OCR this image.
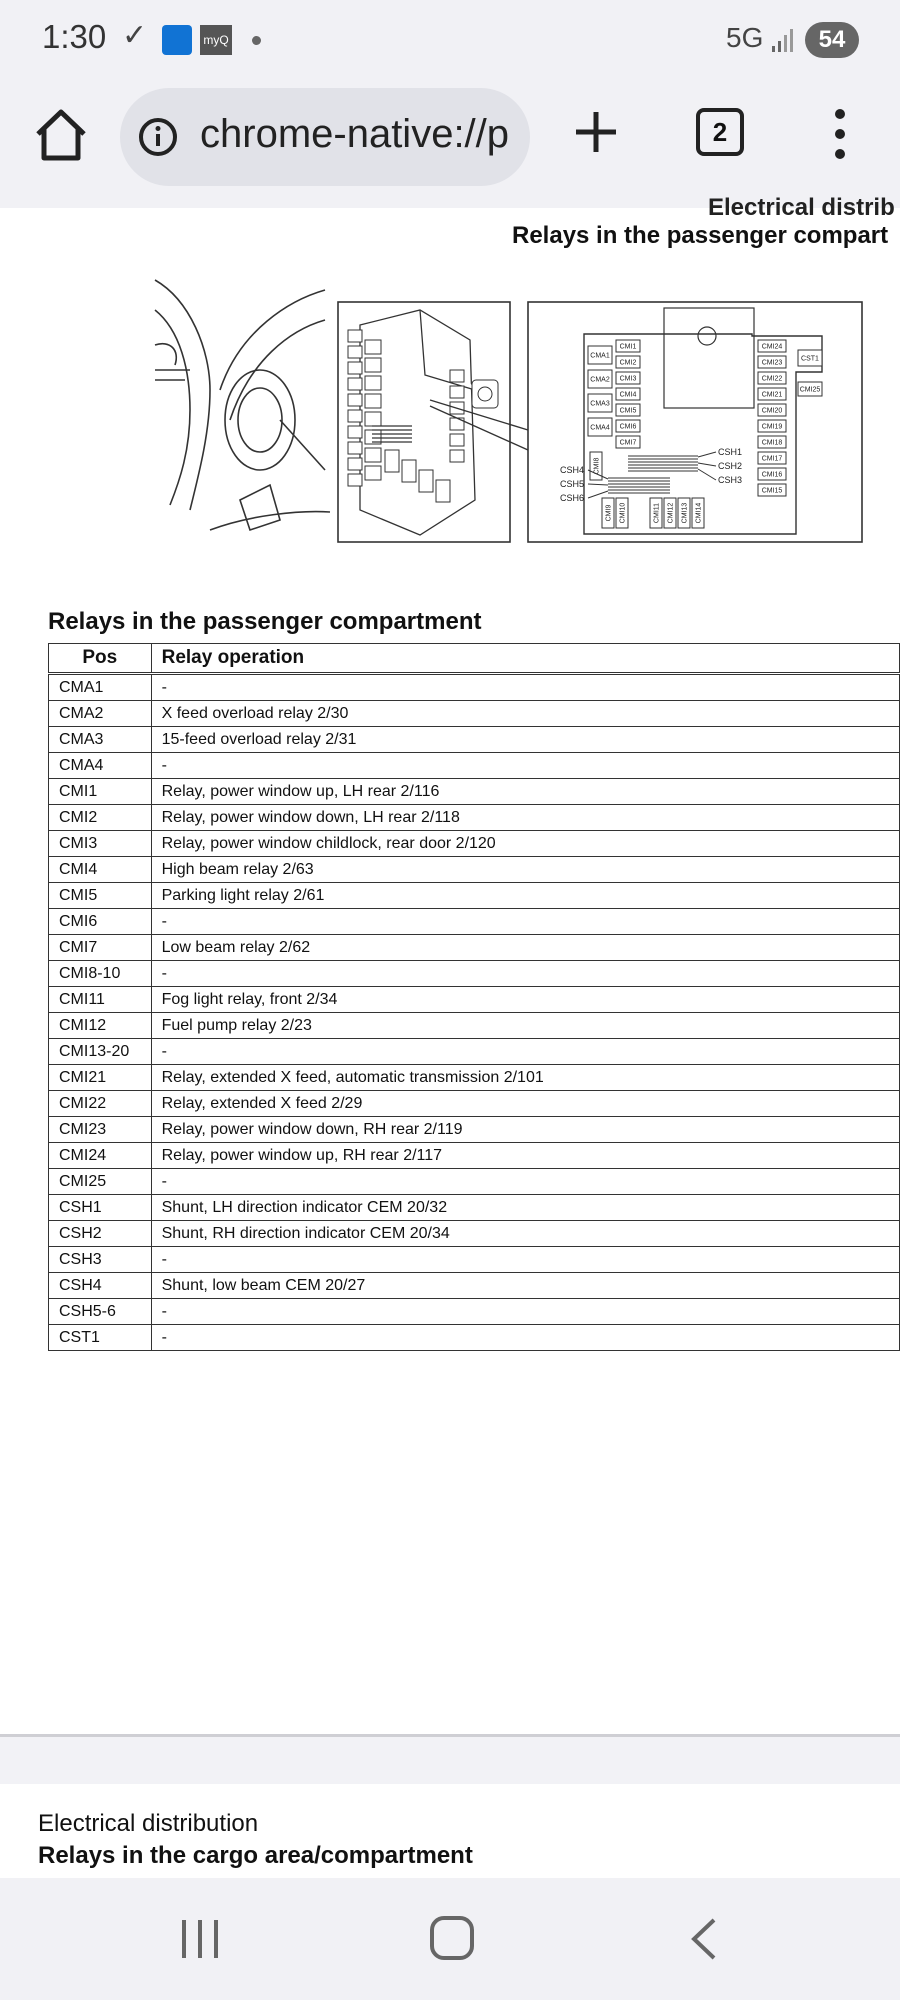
1:30 ✓	myQ	5G	54
chrome-native://p	2
Electrical distrib
Relays in the passenger compart
CMA1
CMA2
CMA3
CMA4
CMI1
CMI2
CMI3
CMI4
CMI5
CMI6
CMI7
CMI24
CMI23
CMI22
CMI21
CMI20
CMI19
CMI18
CMI17
CMI16
CMI15
CMI9 CMI10	CMI11 CMI12 CMI13 CMI14
CST1
CMI25
CMI8
CSH1
CSH2
CSH3
CSH4
CSH5
CSH6
Relays in the passenger compartment
Pos	Relay operation
CMA1	-
CMA2	X feed overload relay 2/30
CMA3	15-feed overload relay 2/31
CMA4	-
CMI1	Relay, power window up, LH rear 2/116
CMI2	Relay, power window down, LH rear 2/118
CMI3	Relay, power window childlock, rear door 2/120
CMI4	High beam relay 2/63
CMI5	Parking light relay 2/61
CMI6	-
CMI7	Low beam relay 2/62
CMI8-10	-
CMI11	Fog light relay, front 2/34
CMI12	Fuel pump relay 2/23
CMI13-20	-
CMI21	Relay, extended X feed, automatic transmission 2/101
CMI22	Relay, extended X feed 2/29
CMI23	Relay, power window down, RH rear 2/119
CMI24	Relay, power window up, RH rear 2/117
CMI25	-
CSH1	Shunt, LH direction indicator CEM 20/32
CSH2	Shunt, RH direction indicator CEM 20/34
CSH3	-
CSH4	Shunt, low beam CEM 20/27
CSH5-6	-
CST1	-
Electrical distribution
Relays in the cargo area/compartment
